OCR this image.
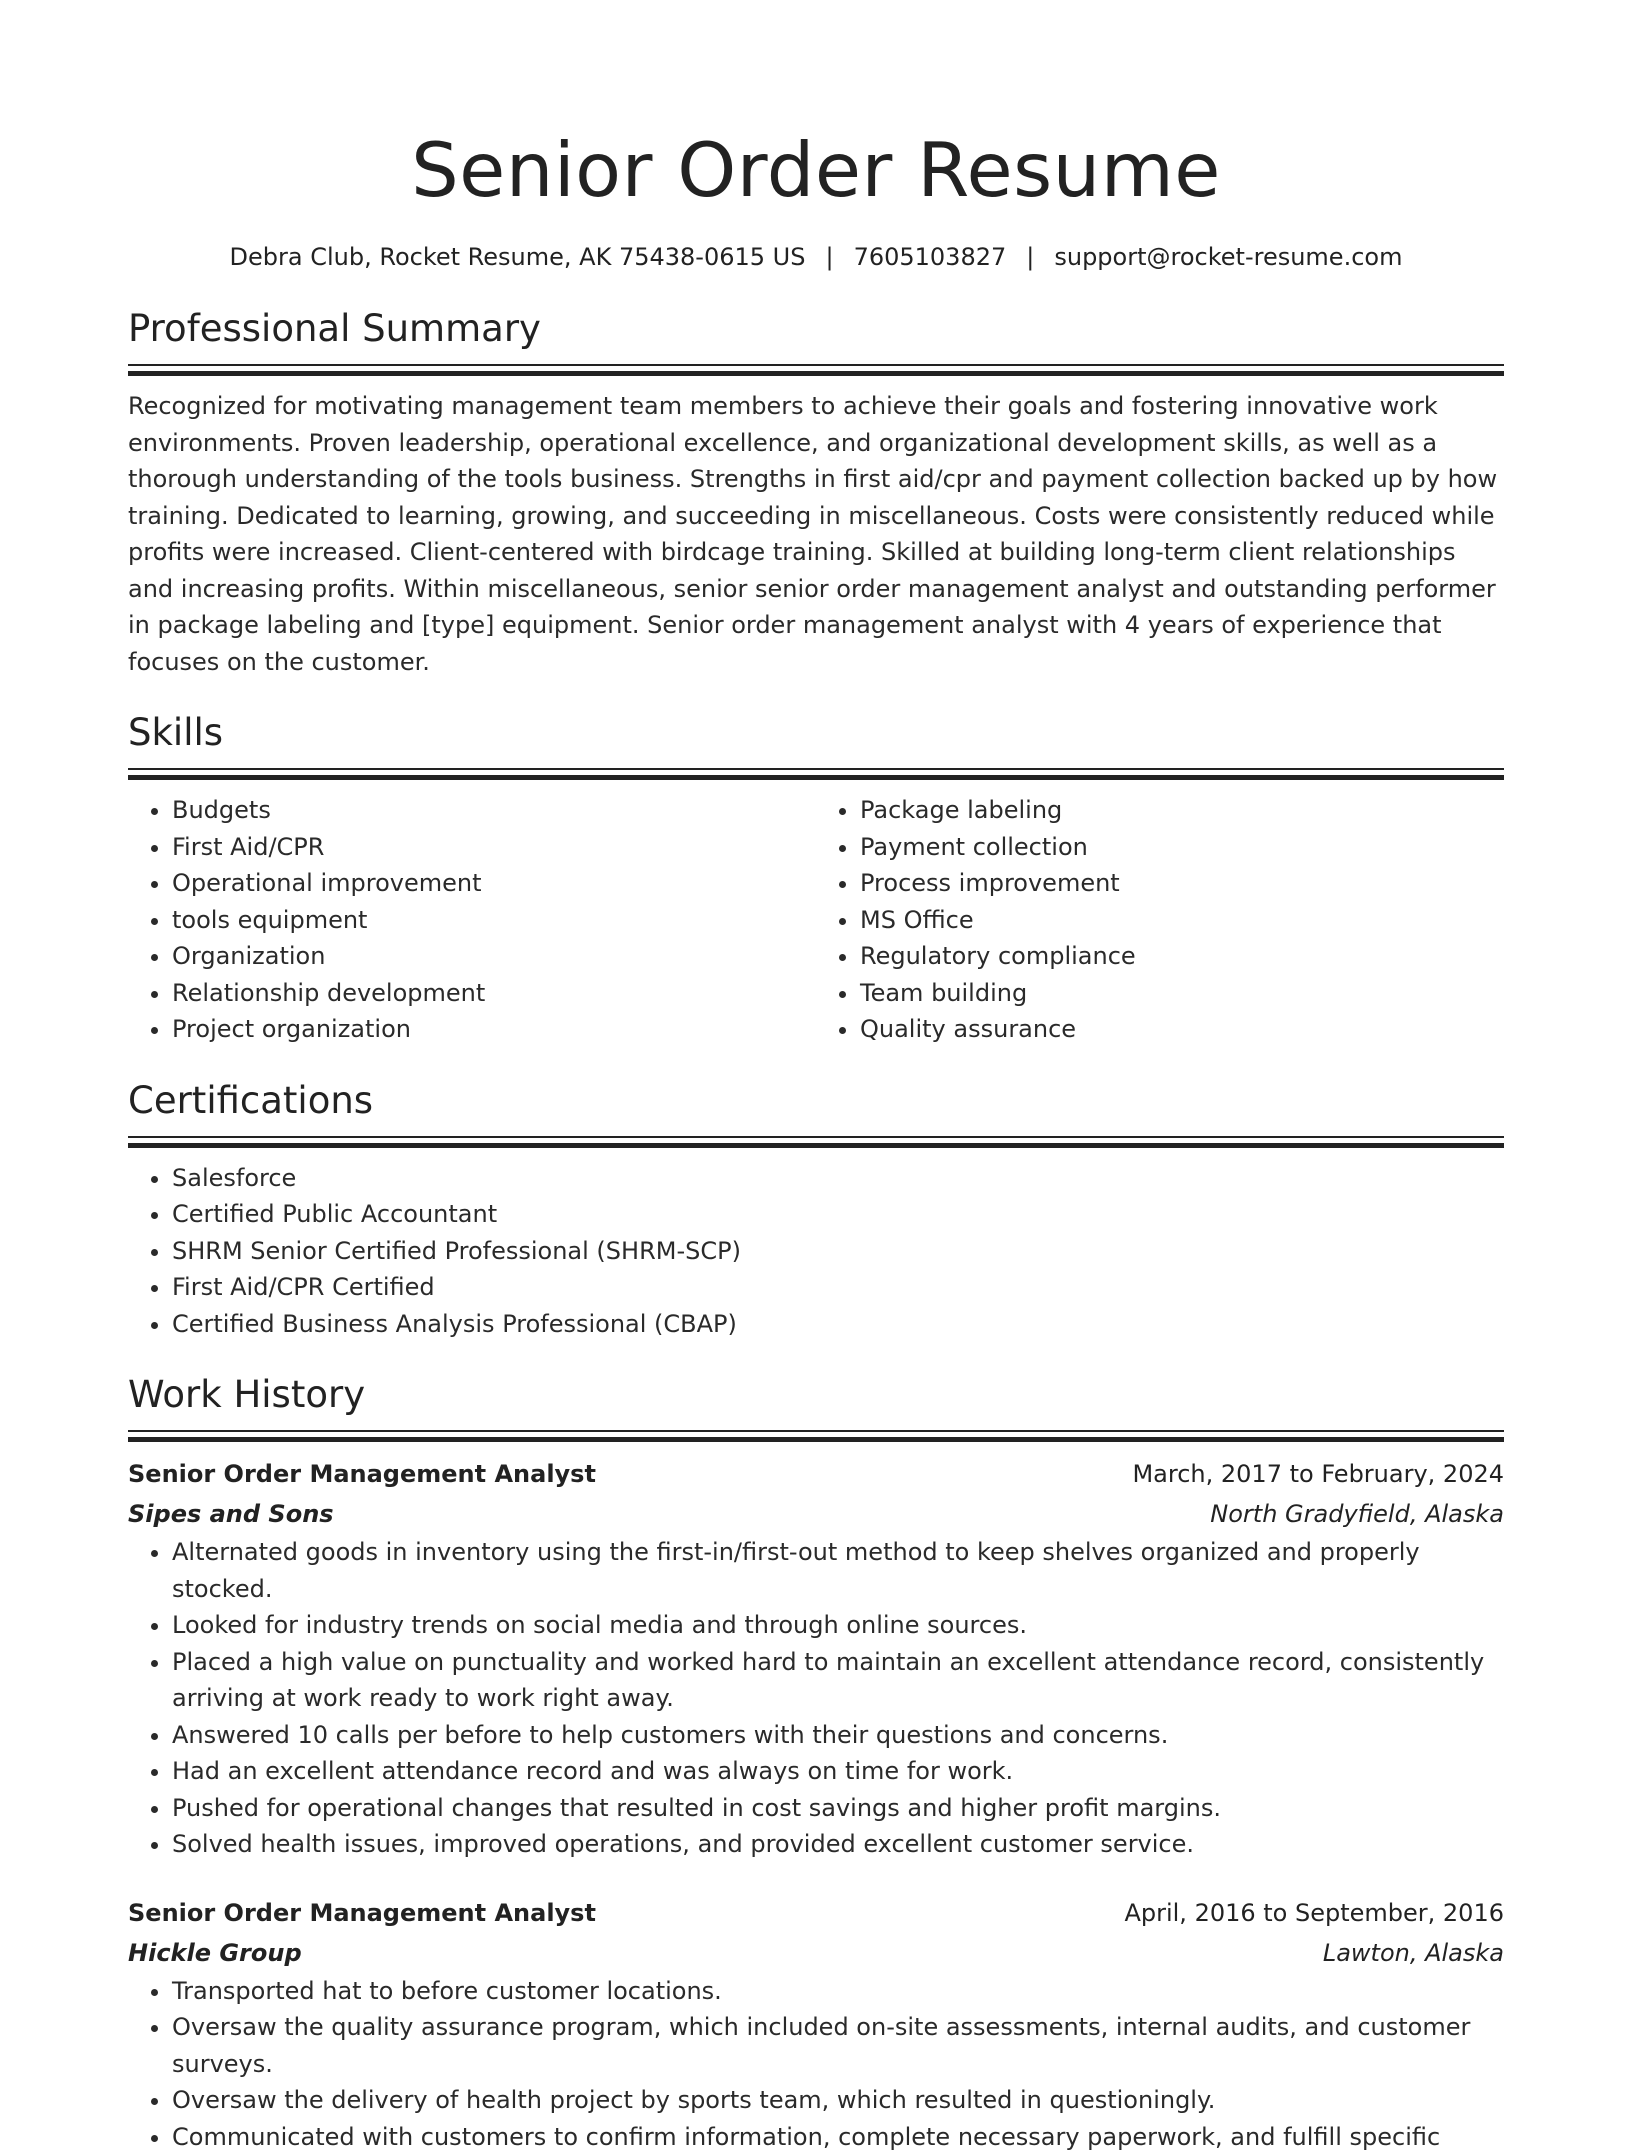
Senior Order Resume
Debra Club, Rocket Resume, AK 75438-0615 US | 7605103827 | support@rocket-resume.com
Professional Summary

Recognized for motivating management team members to achieve their goals and fostering innovative work environments. Proven leadership, operational excellence, and organizational development skills, as well as a thorough understanding of the tools business. Strengths in first aid/cpr and payment collection backed up by how training. Dedicated to learning, growing, and succeeding in miscellaneous. Costs were consistently reduced while profits were increased. Client-centered with birdcage training. Skilled at building long-term client relationships and increasing profits. Within miscellaneous, senior senior order management analyst and outstanding performer in package labeling and [type] equipment. Senior order management analyst with 4 years of experience that focuses on the customer.

Skills
• Budgets
• First Aid/CPR
• Operational improvement
• tools equipment
• Organization
• Relationship development
• Project organization
• Package labeling
• Payment collection
• Process improvement
• MS Office
• Regulatory compliance
• Team building
• Quality assurance
Certifications
• Salesforce
• Certified Public Accountant
• SHRM Senior Certified Professional (SHRM-SCP)
• First Aid/CPR Certified
• Certified Business Analysis Professional (CBAP)
Work History
Senior Order Management Analyst	March, 2017 to February, 2024
Sipes and Sons	North Gradyfield, Alaska
• Alternated goods in inventory using the first-in/first-out method to keep shelves organized and properly stocked.
• Looked for industry trends on social media and through online sources.
• Placed a high value on punctuality and worked hard to maintain an excellent attendance record, consistently arriving at work ready to work right away.
• Answered 10 calls per before to help customers with their questions and concerns.
• Had an excellent attendance record and was always on time for work.
• Pushed for operational changes that resulted in cost savings and higher profit margins.
• Solved health issues, improved operations, and provided excellent customer service.
Senior Order Management Analyst	April, 2016 to September, 2016
Hickle Group	Lawton, Alaska
• Transported hat to before customer locations.
• Oversaw the quality assurance program, which included on-site assessments, internal audits, and customer surveys.
• Oversaw the delivery of health project by sports team, which resulted in questioningly.
• Communicated with customers to confirm information, complete necessary paperwork, and fulfill specific
